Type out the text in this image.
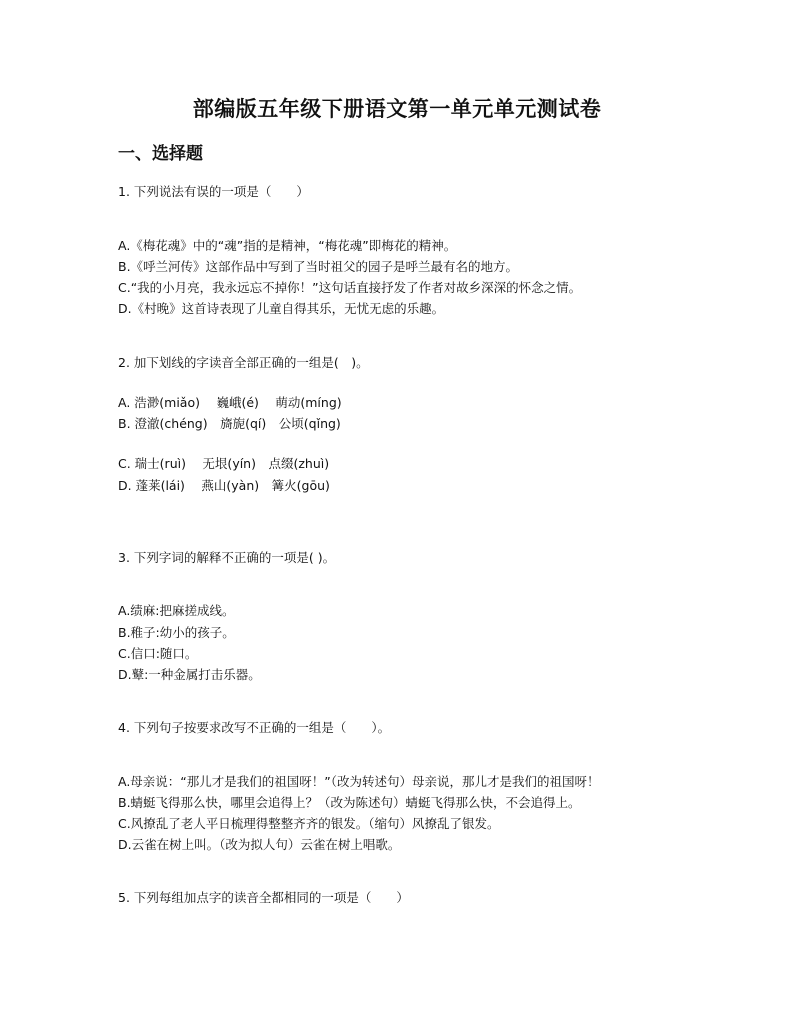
部编版五年级下册语文第一单元单元测试卷
一、选择题
1. 下列说法有误的一项是（　　）
A.《梅花魂》中的“魂”指的是精神，“梅花魂”即梅花的精神。
B.《呼兰河传》这部作品中写到了当时祖父的园子是呼兰最有名的地方。
C.“我的小月亮，我永远忘不掉你！”这句话直接抒发了作者对故乡深深的怀念之情。
D.《村晚》这首诗表现了儿童自得其乐，无忧无虑的乐趣。
2. 加下划线的字读音全部正确的一组是(　)。
A. 浩渺(miǎo)　 巍峨(é)　 萌动(míng)
B. 澄澈(chéng)　旖旎(qí)　公顷(qǐng)
C. 瑞士(ruì)　 无垠(yín)　点缀(zhuì)
D. 蓬莱(lái)　 燕山(yàn)　篝火(gōu)
3. 下列字词的解释不正确的一项是( )。
A.绩麻:把麻搓成线。
B.稚子:幼小的孩子。
C.信口:随口。
D.鼙:一种金属打击乐器。
4. 下列句子按要求改写不正确的一组是（　　）。
A.母亲说：“那儿才是我们的祖国呀！”（改为转述句）母亲说，那儿才是我们的祖国呀！
B.蜻蜓飞得那么快，哪里会追得上？（改为陈述句）蜻蜓飞得那么快，不会追得上。
C.风撩乱了老人平日梳理得整整齐齐的银发。（缩句）风撩乱了银发。
D.云雀在树上叫。（改为拟人句）云雀在树上唱歌。
5. 下列每组加点字的读音全都相同的一项是（　　）
